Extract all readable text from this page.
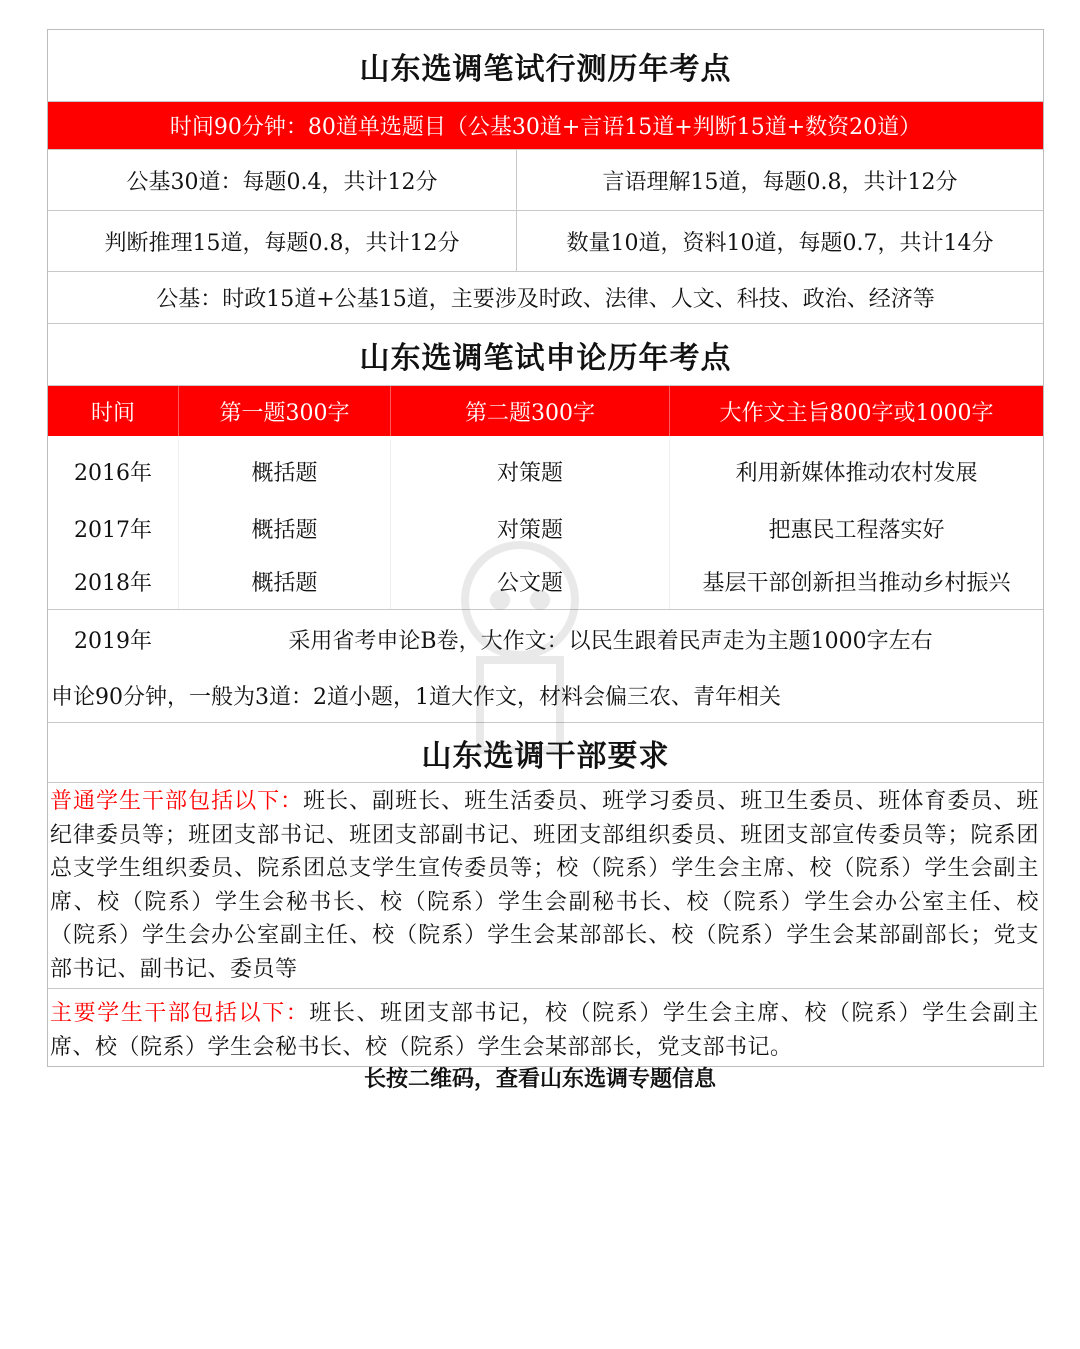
山东选调笔试行测历年考点
时间90分钟：80道单选题目（公基30道+言语15道+判断15道+数资20道）
公基30道：每题0.4，共计12分	言语理解15道，每题0.8，共计12分
判断推理15道，每题0.8，共计12分	数量10道，资料10道，每题0.7，共计14分
公基：时政15道+公基15道，主要涉及时政、法律、人文、科技、政治、经济等
山东选调笔试申论历年考点
时间	第一题300字	第二题300字	大作文主旨800字或1000字
2016年	概括题	对策题	利用新媒体推动农村发展
2017年	概括题	对策题	把惠民工程落实好
2018年	概括题	公文题	基层干部创新担当推动乡村振兴
2019年	采用省考申论B卷，大作文：以民生跟着民声走为主题1000字左右
申论90分钟，一般为3道：2道小题，1道大作文，材料会偏三农、青年相关
山东选调干部要求
普通学生干部包括以下：班长、副班长、班生活委员、班学习委员、班卫生委员、班体育委员、班纪律委员等；班团支部书记、班团支部副书记、班团支部组织委员、班团支部宣传委员等；院系团总支学生组织委员、院系团总支学生宣传委员等；校（院系）学生会主席、校（院系）学生会副主席、校（院系）学生会秘书长、校（院系）学生会副秘书长、校（院系）学生会办公室主任、校（院系）学生会办公室副主任、校（院系）学生会某部部长、校（院系）学生会某部副部长；党支部书记、副书记、委员等
主要学生干部包括以下：班长、班团支部书记，校（院系）学生会主席、校（院系）学生会副主席、校（院系）学生会秘书长、校（院系）学生会某部部长，党支部书记。
长按二维码，查看山东选调专题信息
